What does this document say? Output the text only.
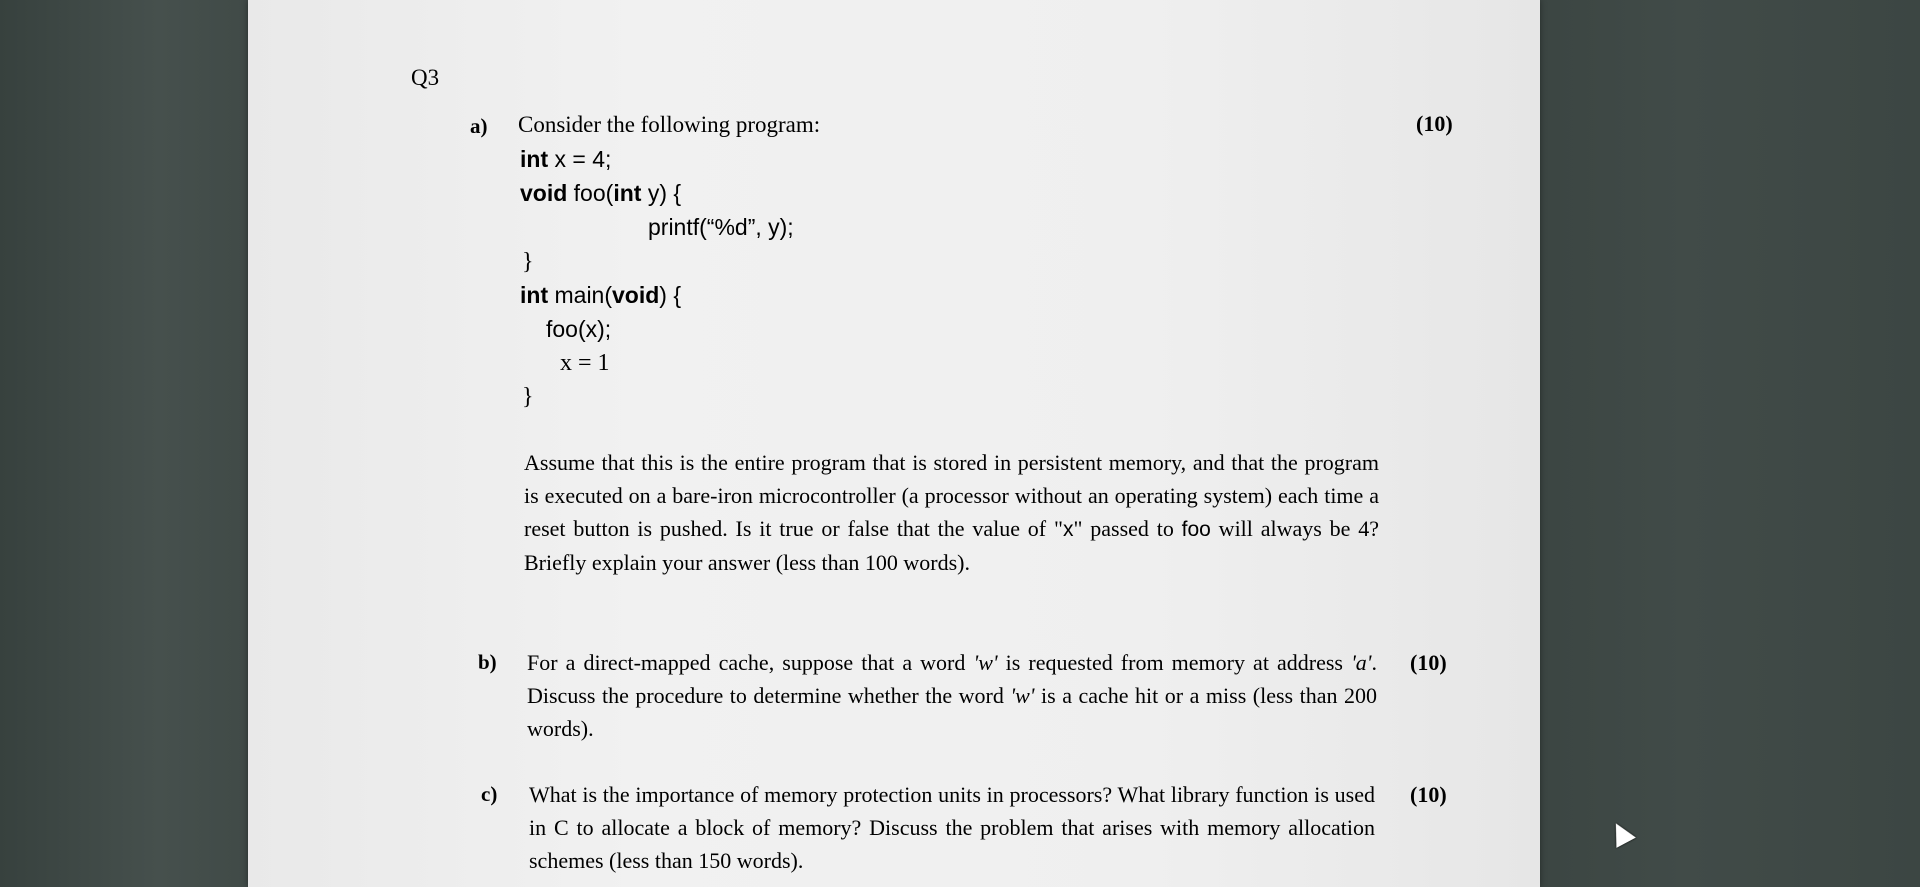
Q3
a) Consider the following program:	(10)
int x = 4;
void foo(int y) {
printf(“%d”, y);
}
int main(void) {
foo(x);
x = 1
}
Assume that this is the entire program that is stored in persistent memory, and that the program is executed on a bare-iron microcontroller (a processor without an operating system) each time a reset button is pushed. Is it true or false that the value of "x" passed to foo will always be 4? Briefly explain your answer (less than 100 words).
b)	(10)
For a direct-mapped cache, suppose that a word 'w' is requested from memory at address 'a'. Discuss the procedure to determine whether the word 'w' is a cache hit or a miss (less than 200 words).
c)	(10)
What is the importance of memory protection units in processors? What library function is used in C to allocate a block of memory? Discuss the problem that arises with memory allocation schemes (less than 150 words).
